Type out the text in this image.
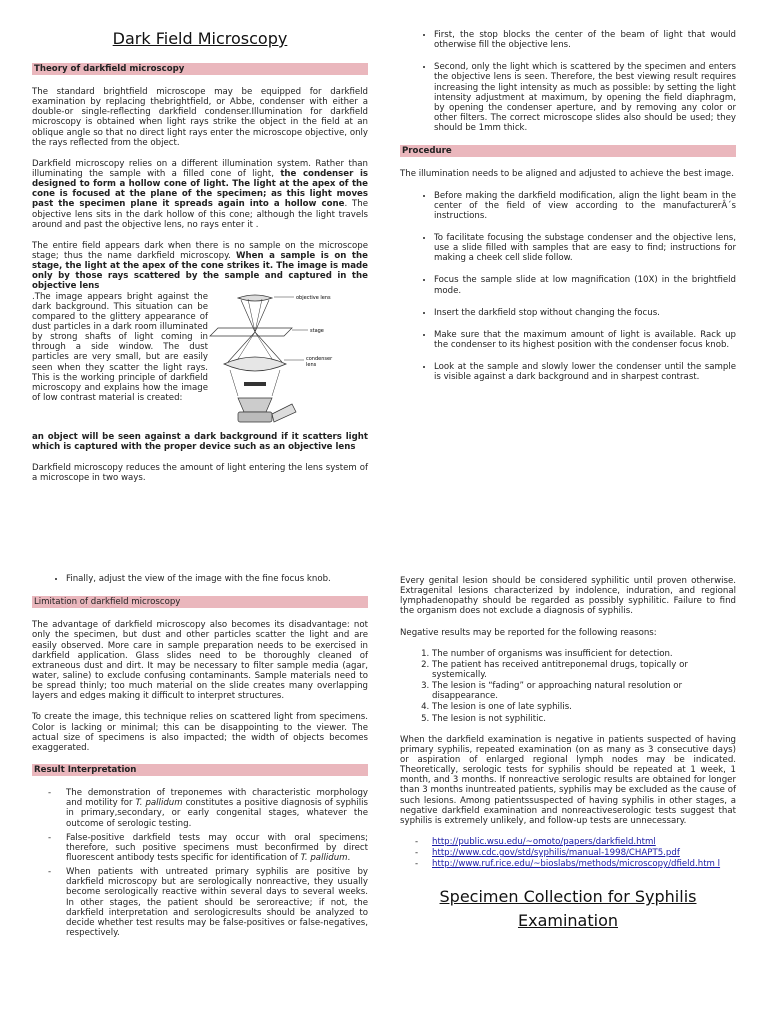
Dark Field Microscopy
Theory of darkfield microscopy

The standard brightfield microscope may be equipped for darkfield examination by replacing thebrightfield, or Abbe, condenser with either a double-or single-reflecting darkfield condenser.Illumination for darkfield microscopy is obtained when light rays strike the object in the field at an oblique angle so that no direct light rays enter the microscope objective, only the rays reflected from the object.

Darkfield microscopy relies on a different illumination system. Rather than illuminating the sample with a filled cone of light, the condenser is designed to form a hollow cone of light. The light at the apex of the cone is focused at the plane of the specimen; as this light moves past the specimen plane it spreads again into a hollow cone. The objective lens sits in the dark hollow of this cone; although the light travels around and past the objective lens, no rays enter it .

The entire field appears dark when there is no sample on the microscope stage; thus the name darkfield microscopy. When a sample is on the stage, the light at the apex of the cone strikes it. The image is made only by those rays scattered by the sample and captured in the objective lens

.The image appears bright against the dark background. This situation can be compared to the glittery appearance of dust particles in a dark room illuminated by strong shafts of light coming in through a side window. The dust particles are very small, but are easily seen when they scatter the light rays. This is the working principle of darkfield microscopy and explains how the image of low contrast material is created:
objective lens
stage
condenser
lens

an object will be seen against a dark background if it scatters light which is captured with the proper device such as an objective lens

Darkfield microscopy reduces the amount of light entering the lens system of a microscope in two ways.

• First, the stop blocks the center of the beam of light that would otherwise fill the objective lens.
• Second, only the light which is scattered by the specimen and enters the objective lens is seen. Therefore, the best viewing result requires increasing the light intensity as much as possible: by setting the light intensity adjustment at maximum, by opening the field diaphragm, by opening the condenser aperture, and by removing any color or other filters. The correct microscope slides also should be used; they should be 1mm thick.
Procedure

The illumination needs to be aligned and adjusted to achieve the best image.

• Before making the darkfield modification, align the light beam in the center of the field of view according to the manufacturerÂ´s instructions.
• To facilitate focusing the substage condenser and the objective lens, use a slide filled with samples that are easy to find; instructions for making a cheek cell slide follow.
• Focus the sample slide at low magnification (10X) in the brightfield mode.
• Insert the darkfield stop without changing the focus.
• Make sure that the maximum amount of light is available. Rack up the condenser to its highest position with the condenser focus knob.
• Look at the sample and slowly lower the condenser until the sample is visible against a dark background and in sharpest contrast.
• Finally, adjust the view of the image with the fine focus knob.
Limitation of darkfield microscopy

The advantage of darkfield microscopy also becomes its disadvantage: not only the specimen, but dust and other particles scatter the light and are easily observed. More care in sample preparation needs to be exercised in darkfield application. Glass slides need to be thoroughly cleaned of extraneous dust and dirt. It may be necessary to filter sample media (agar, water, saline) to exclude confusing contaminants. Sample materials need to be spread thinly; too much material on the slide creates many overlapping layers and edges making it difficult to interpret structures.

To create the image, this technique relies on scattered light from specimens. Color is lacking or minimal; this can be disappointing to the viewer. The actual size of specimens is also impacted; the width of objects becomes exaggerated.

Result Interpretation
- The demonstration of treponemes with characteristic morphology and motility for T. pallidum constitutes a positive diagnosis of syphilis in primary,secondary, or early congenital stages, whatever the outcome of serologic testing.
- False-positive darkfield tests may occur with oral specimens; therefore, such positive specimens must beconfirmed by direct fluorescent antibody tests specific for identification of T. pallidum.
- When patients with untreated primary syphilis are positive by darkfield microscopy but are serologically nonreactive, they usually become serologically reactive within several days to several weeks. In other stages, the patient should be seroreactive; if not, the darkfield interpretation and serologicresults should be analyzed to decide whether test results may be false-positives or false-negatives, respectively.

Every genital lesion should be considered syphilitic until proven otherwise. Extragenital lesions characterized by indolence, induration, and regional lymphadenopathy should be regarded as possibly syphilitic. Failure to find the organism does not exclude a diagnosis of syphilis.

Negative results may be reported for the following reasons:

1. The number of organisms was insufficient for detection.
2. The patient has received antitreponemal drugs, topically or systemically.
3. The lesion is “fading” or approaching natural resolution or disappearance.
4. The lesion is one of late syphilis.
5. The lesion is not syphilitic.

When the darkfield examination is negative in patients suspected of having primary syphilis, repeated examination (on as many as 3 consecutive days) or aspiration of enlarged regional lymph nodes may be indicated. Theoretically, serologic tests for syphilis should be repeated at 1 week, 1 month, and 3 months. If nonreactive serologic results are obtained for longer than 3 months inuntreated patients, syphilis may be excluded as the cause of such lesions. Among patientssuspected of having syphilis in other stages, a negative darkfield examination and nonreactiveserologic tests suggest that syphilis is extremely unlikely, and follow-up tests are unnecessary.

- http://public.wsu.edu/~omoto/papers/darkfield.html
- http://www.cdc.gov/std/syphilis/manual-1998/CHAPT5.pdf
- http://www.ruf.rice.edu/~bioslabs/methods/microscopy/dfield.htm l
Specimen Collection for Syphilis
Examination
